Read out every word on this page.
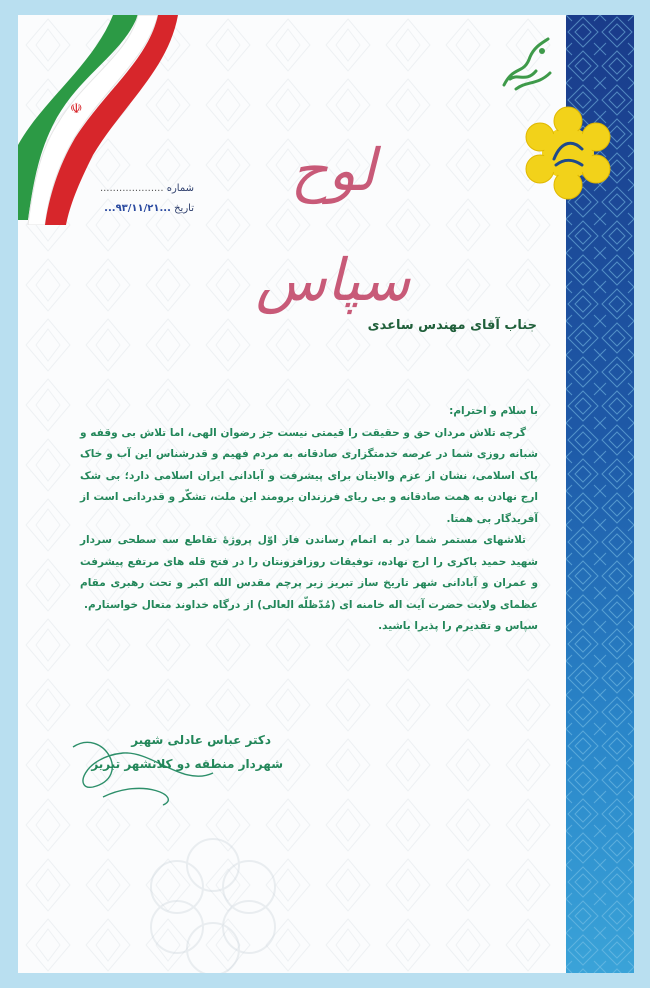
☫
لوح سپاس
شماره ....................
تاریخ ...۹۳/۱۱/۲۱...
جناب آقای مهندس ساعدی

با سلام و احترام:

گرچه تلاش مردان حق و حقیقت را قیمتی نیست جز رضوان الهی، اما تلاش بی وقفه و شبانه روزی شما در عرصه خدمتگزاری صادقانه به مردم فهیم و قدرشناس این آب و خاک پاک اسلامی، نشان از عزم والایتان برای پیشرفت و آبادانی ایران اسلامی دارد؛ بی شک ارج نهادن به همت صادقانه و بی ریای فرزندان برومند این ملت، تشکّر و قدردانی است از آفریدگار بی همتا.

تلاشهای مستمر شما در به اتمام رساندن فاز اوّل پروژۀ تقاطع سه سطحی سردار شهید حمید باکری را ارج نهاده، توفیقات روزافزونتان را در فتح قله های مرتفع پیشرفت و عمران و آبادانی شهر تاریخ ساز تبریز زیر پرچم مقدس الله اکبر و تحت رهبری مقام عظمای ولایت حضرت آیت اله خامنه ای (مُدّظلّه العالی) از درگاه خداوند متعال خواستارم.

سپاس و تقدیرم را پذیرا باشید.

دکتر عباس عادلی شهیر
شهردار منطقه دو کلانشهر تبریز
